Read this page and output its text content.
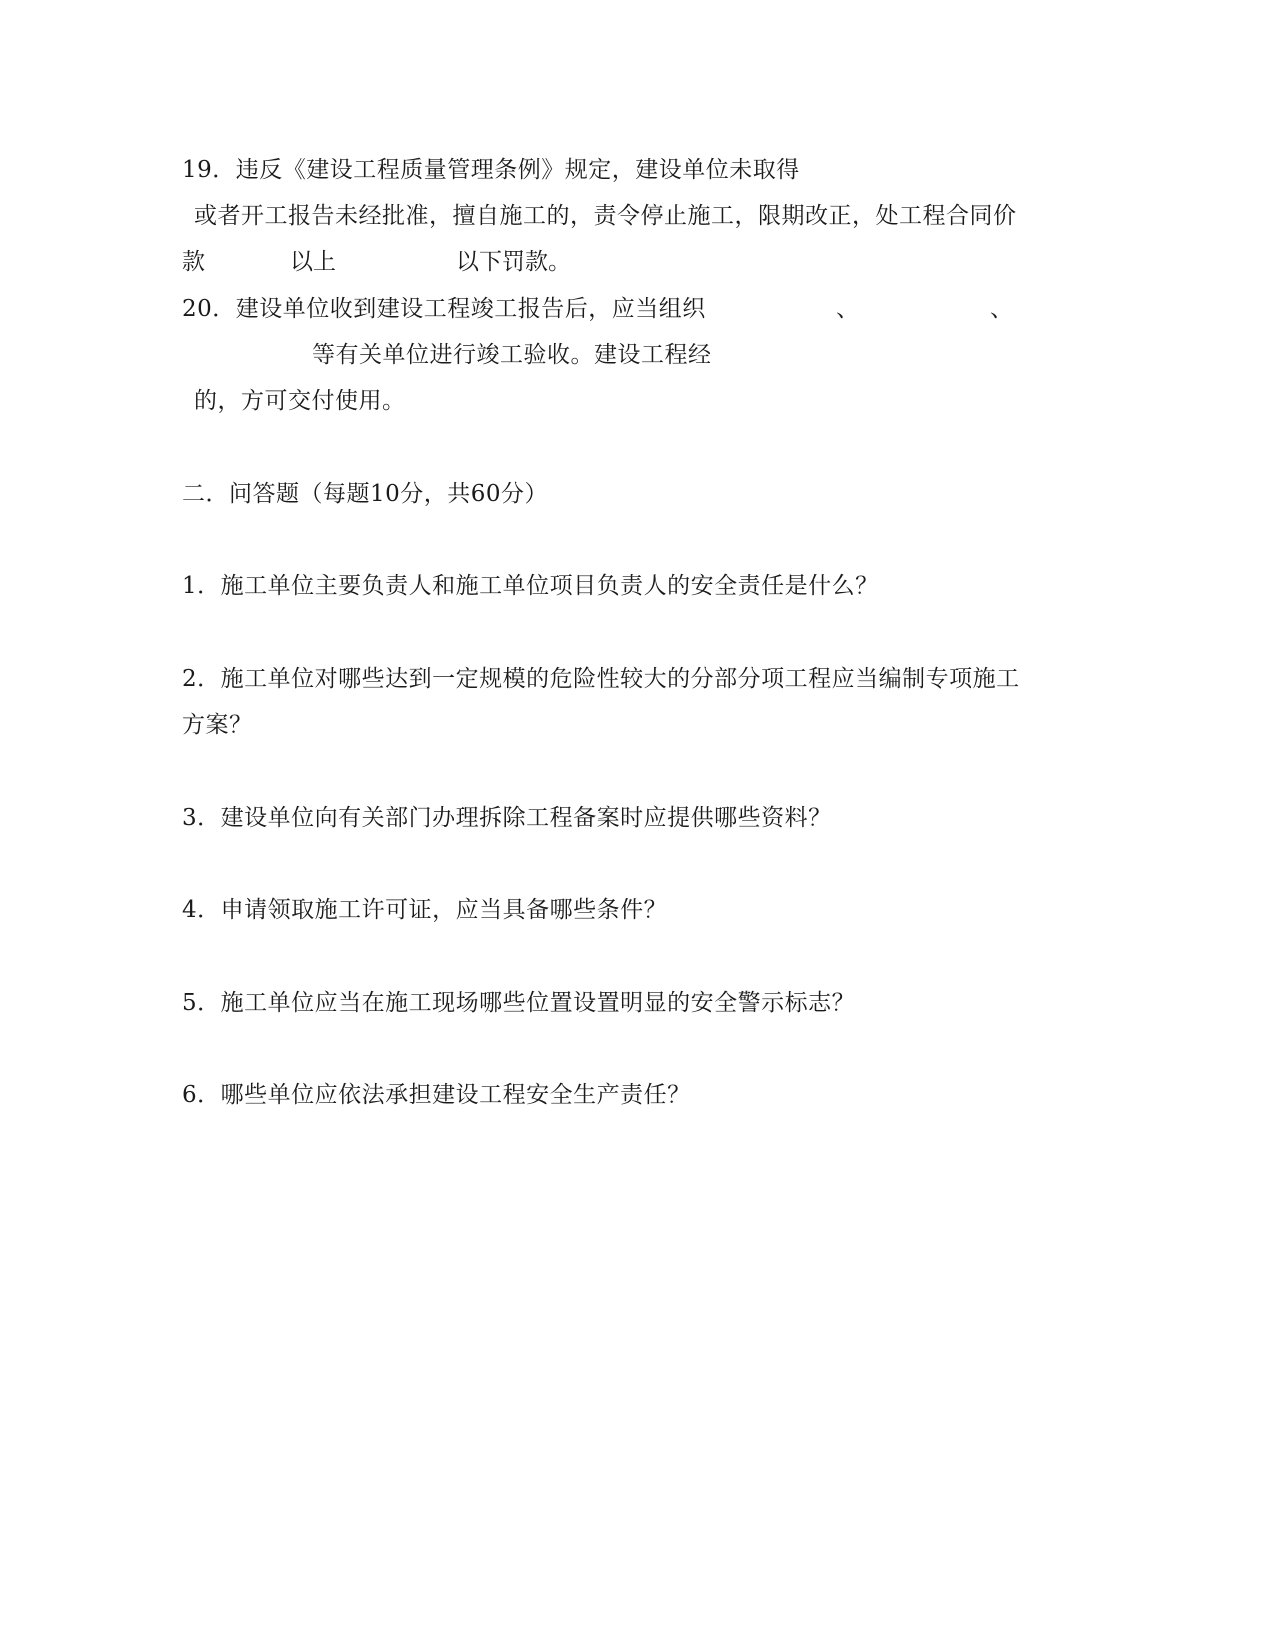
19．违反《建设工程质量管理条例》规定，建设单位未取得
或者开工报告未经批准，擅自施工的，责令停止施工，限期改正，处工程合同价
款	以上	以下罚款。
20．建设单位收到建设工程竣工报告后，应当组织	、	、
等有关单位进行竣工验收。建设工程经
的，方可交付使用。
二．问答题（每题10分，共60分）
1．施工单位主要负责人和施工单位项目负责人的安全责任是什么？
2．施工单位对哪些达到一定规模的危险性较大的分部分项工程应当编制专项施工
方案？
3．建设单位向有关部门办理拆除工程备案时应提供哪些资料？
4．申请领取施工许可证，应当具备哪些条件？
5．施工单位应当在施工现场哪些位置设置明显的安全警示标志？
6．哪些单位应依法承担建设工程安全生产责任？
